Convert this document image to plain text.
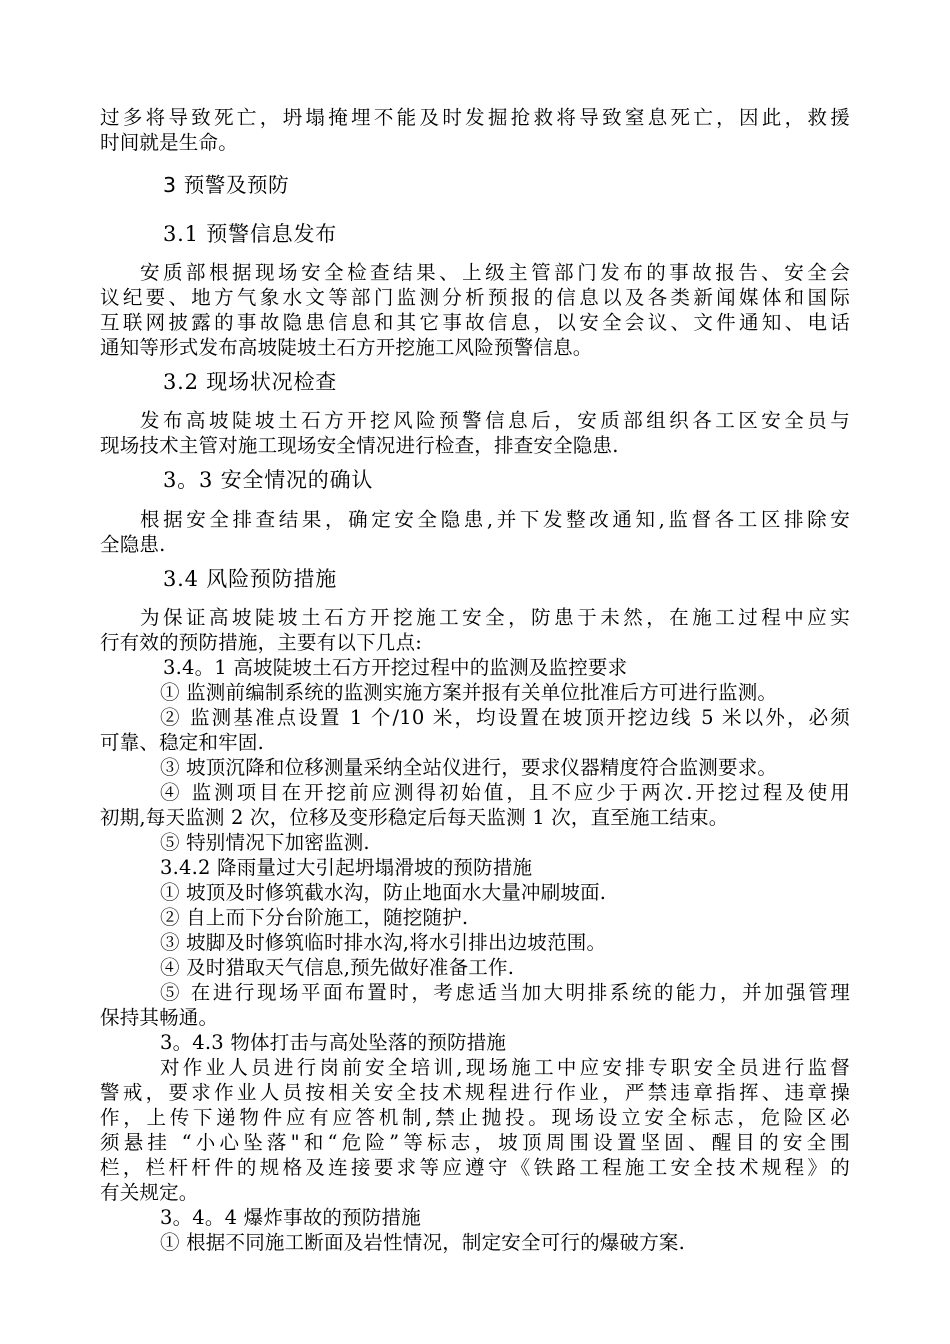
过多将导致死亡，坍塌掩埋不能及时发掘抢救将导致窒息死亡，因此，救援
时间就是生命。
3 预警及预防
3.1 预警信息发布
安质部根据现场安全检查结果、上级主管部门发布的事故报告、安全会
议纪要、地方气象水文等部门监测分析预报的信息以及各类新闻媒体和国际
互联网披露的事故隐患信息和其它事故信息，以安全会议、文件通知、电话
通知等形式发布高坡陡坡土石方开挖施工风险预警信息。
3.2 现场状况检查
发布高坡陡坡土石方开挖风险预警信息后，安质部组织各工区安全员与
现场技术主管对施工现场安全情况进行检查，排查安全隐患.
3。3 安全情况的确认
根据安全排查结果，确定安全隐患,并下发整改通知,监督各工区排除安
全隐患.
3.4 风险预防措施
为保证高坡陡坡土石方开挖施工安全，防患于未然，在施工过程中应实
行有效的预防措施，主要有以下几点:
3.4。1 高坡陡坡土石方开挖过程中的监测及监控要求
① 监测前编制系统的监测实施方案并报有关单位批准后方可进行监测。
② 监测基准点设置 1 个/10 米，均设置在坡顶开挖边线 5 米以外，必须
可靠、稳定和牢固.
③ 坡顶沉降和位移测量采纳全站仪进行，要求仪器精度符合监测要求。
④ 监测项目在开挖前应测得初始值，且不应少于两次.开挖过程及使用
初期,每天监测 2 次，位移及变形稳定后每天监测 1 次，直至施工结束。
⑤ 特别情况下加密监测.
3.4.2 降雨量过大引起坍塌滑坡的预防措施
① 坡顶及时修筑截水沟，防止地面水大量冲刷坡面.
② 自上而下分台阶施工，随挖随护.
③ 坡脚及时修筑临时排水沟,将水引排出边坡范围。
④ 及时猎取天气信息,预先做好准备工作.
⑤ 在进行现场平面布置时，考虑适当加大明排系统的能力，并加强管理
保持其畅通。
3。4.3 物体打击与高处坠落的预防措施
对作业人员进行岗前安全培训,现场施工中应安排专职安全员进行监督
警戒，要求作业人员按相关安全技术规程进行作业，严禁违章指挥、违章操
作，上传下递物件应有应答机制,禁止抛投。现场设立安全标志，危险区必
须悬挂 “小心坠落"和“危险”等标志，坡顶周围设置坚固、醒目的安全围
栏，栏杆杆件的规格及连接要求等应遵守《铁路工程施工安全技术规程》的
有关规定。
3。4。4 爆炸事故的预防措施
① 根据不同施工断面及岩性情况，制定安全可行的爆破方案.
